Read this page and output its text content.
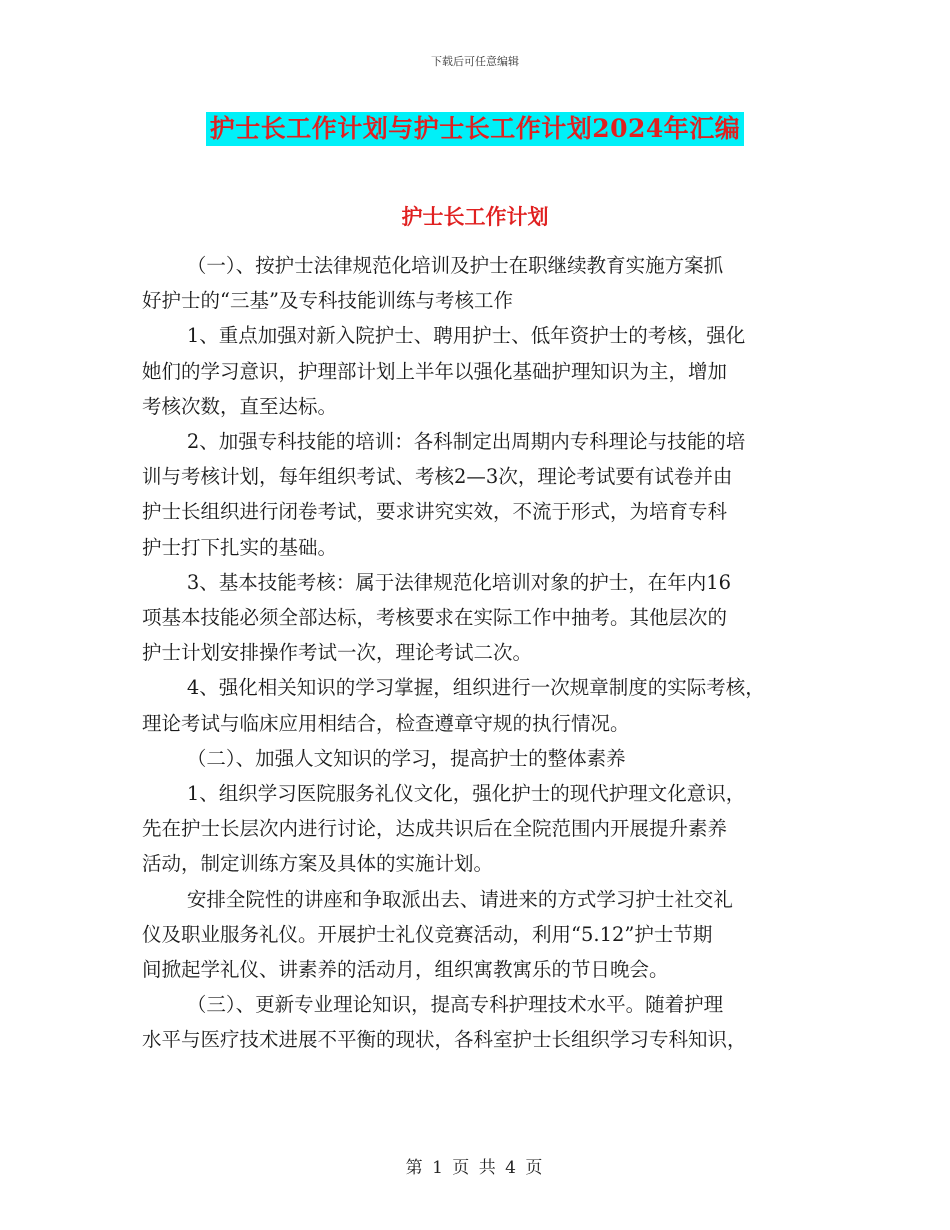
下载后可任意编辑
护士长工作计划与护士长工作计划2024年汇编
护士长工作计划

（一）、按护士法律规范化培训及护士在职继续教育实施方案抓
好护士的“三基”及专科技能训练与考核工作

1、重点加强对新入院护士、聘用护士、低年资护士的考核，强化
她们的学习意识，护理部计划上半年以强化基础护理知识为主，增加
考核次数，直至达标。

2、加强专科技能的培训：各科制定出周期内专科理论与技能的培
训与考核计划，每年组织考试、考核2—3次，理论考试要有试卷并由
护士长组织进行闭卷考试，要求讲究实效，不流于形式，为培育专科
护士打下扎实的基础。

3、基本技能考核：属于法律规范化培训对象的护士，在年内16
项基本技能必须全部达标，考核要求在实际工作中抽考。其他层次的
护士计划安排操作考试一次，理论考试二次。

4、强化相关知识的学习掌握，组织进行一次规章制度的实际考核，
理论考试与临床应用相结合，检查遵章守规的执行情况。

（二）、加强人文知识的学习，提高护士的整体素养

1、组织学习医院服务礼仪文化，强化护士的现代护理文化意识，
先在护士长层次内进行讨论，达成共识后在全院范围内开展提升素养
活动，制定训练方案及具体的实施计划。

安排全院性的讲座和争取派出去、请进来的方式学习护士社交礼
仪及职业服务礼仪。开展护士礼仪竞赛活动，利用“5.12”护士节期
间掀起学礼仪、讲素养的活动月，组织寓教寓乐的节日晚会。

（三）、更新专业理论知识，提高专科护理技术水平。随着护理
水平与医疗技术进展不平衡的现状，各科室护士长组织学习专科知识，

第 1 页 共 4 页
